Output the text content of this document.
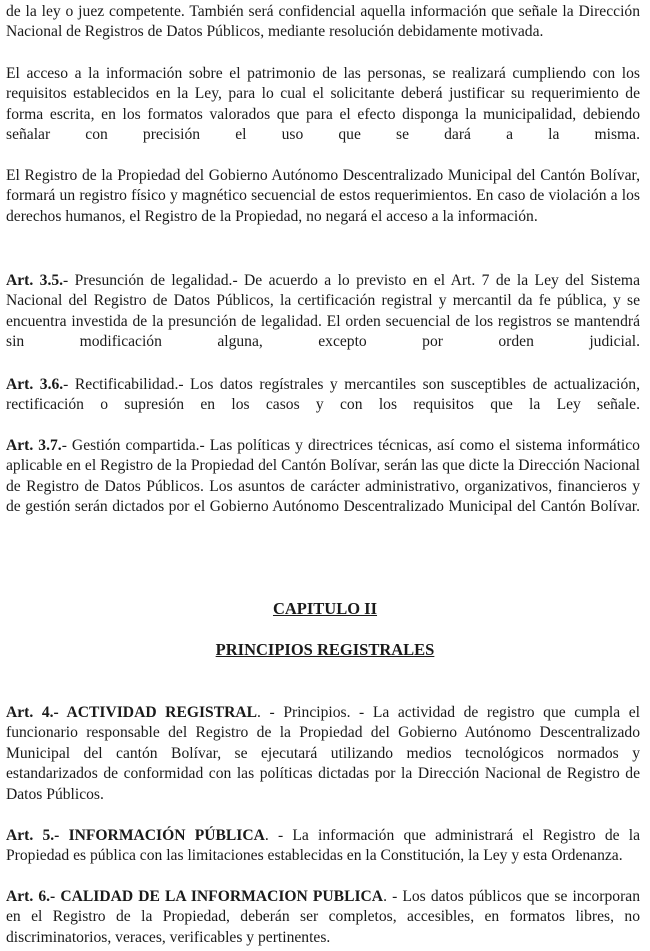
de la ley o juez competente. También será confidencial aquella información que señale la Dirección Nacional de Registros de Datos Públicos, mediante resolución debidamente motivada.

El acceso a la información sobre el patrimonio de las personas, se realizará cumpliendo con los requisitos establecidos en la Ley, para lo cual el solicitante deberá justificar su requerimiento de forma escrita, en los formatos valorados que para el efecto disponga la municipalidad, debiendo señalar con precisión el uso que se dará a la misma.

El Registro de la Propiedad del Gobierno Autónomo Descentralizado Municipal del Cantón Bolívar, formará un registro físico y magnético secuencial de estos requerimientos. En caso de violación a los derechos humanos, el Registro de la Propiedad, no negará el acceso a la información.

Art. 3.5.- Presunción de legalidad.- De acuerdo a lo previsto en el Art. 7 de la Ley del Sistema Nacional del Registro de Datos Públicos, la certificación registral y mercantil da fe pública, y se encuentra investida de la presunción de legalidad. El orden secuencial de los registros se mantendrá sin modificación alguna, excepto por orden judicial.

Art. 3.6.- Rectificabilidad.- Los datos regístrales y mercantiles son susceptibles de actualización, rectificación o supresión en los casos y con los requisitos que la Ley señale.

Art. 3.7.- Gestión compartida.- Las políticas y directrices técnicas, así como el sistema informático aplicable en el Registro de la Propiedad del Cantón Bolívar, serán las que dicte la Dirección Nacional de Registro de Datos Públicos. Los asuntos de carácter administrativo, organizativos, financieros y de gestión serán dictados por el Gobierno Autónomo Descentralizado Municipal del Cantón Bolívar.

CAPITULO II
PRINCIPIOS REGISTRALES

Art. 4.- ACTIVIDAD REGISTRAL. - Principios. - La actividad de registro que cumpla el funcionario responsable del Registro de la Propiedad del Gobierno Autónomo Descentralizado Municipal del cantón Bolívar, se ejecutará utilizando medios tecnológicos normados y estandarizados de conformidad con las políticas dictadas por la Dirección Nacional de Registro de Datos Públicos.

Art. 5.- INFORMACIÓN PÚBLICA. - La información que administrará el Registro de la Propiedad es pública con las limitaciones establecidas en la Constitución, la Ley y esta Ordenanza.

Art. 6.- CALIDAD DE LA INFORMACION PUBLICA. - Los datos públicos que se incorporan en el Registro de la Propiedad, deberán ser completos, accesibles, en formatos libres, no discriminatorios, veraces, verificables y pertinentes.
